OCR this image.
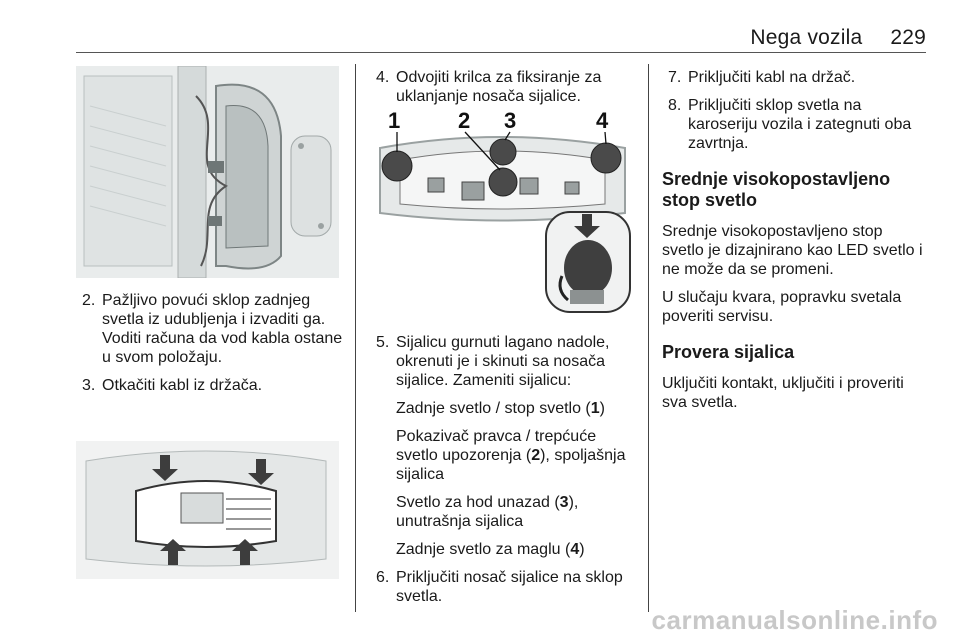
Nega vozila 229
2. Pažljivo povući sklop zadnjeg svetla iz udubljenja i izvaditi ga. Voditi računa da vod kabla ostane u svom položaju.
3. Otkačiti kabl iz držača.
4. Odvojiti krilca za fiksiranje za uklanjanje nosača sijalice.
1	2 3	4
5. Sijalicu gurnuti lagano nadole, okrenuti je i skinuti sa nosača sijalice. Zameniti sijalicu:

Zadnje svetlo / stop svetlo (1)

Pokazivač pravca / trepćuće svetlo upozorenja (2), spoljašnja sijalica

Svetlo za hod unazad (3), unutrašnja sijalica

Zadnje svetlo za maglu (4)

6. Priključiti nosač sijalice na sklop svetla.
7. Priključiti kabl na držač.
8. Priključiti sklop svetla na karoseriju vozila i zategnuti oba zavrtnja.
Srednje visokopostavljeno stop svetlo

Srednje visokopostavljeno stop svetlo je dizajnirano kao LED svetlo i ne može da se promeni.

U slučaju kvara, popravku svetala poveriti servisu.

Provera sijalica

Uključiti kontakt, uključiti i proveriti sva svetla.

carmanualsonline.info
